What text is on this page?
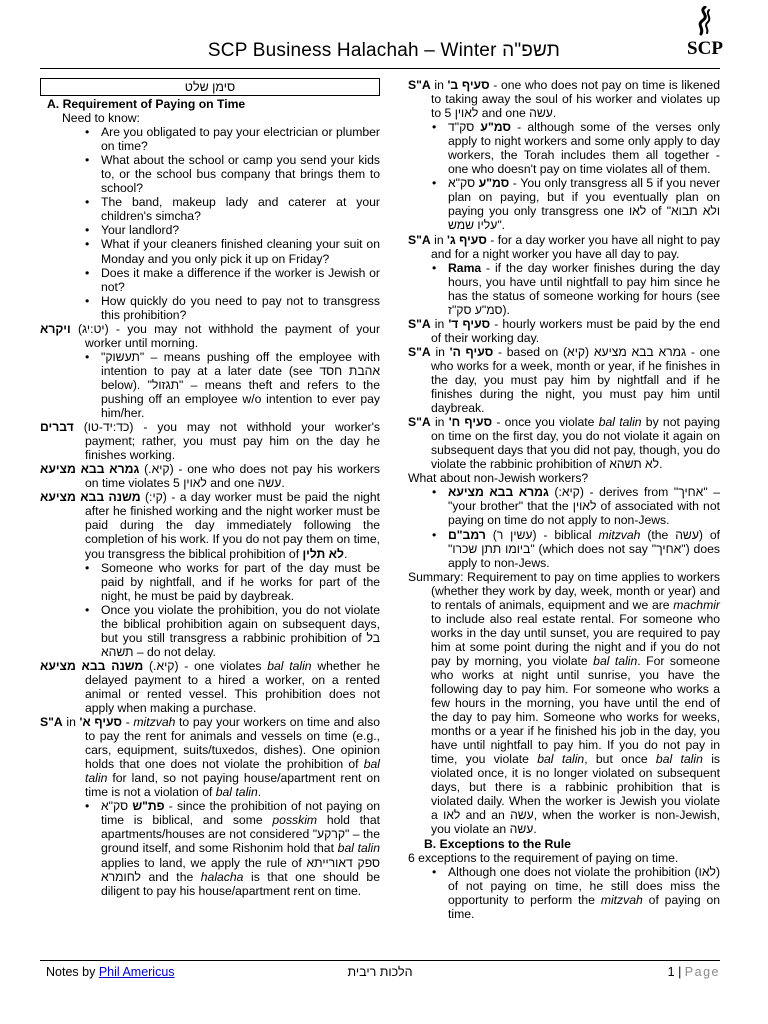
SCP Business Halachah – Winter תשפ"ה	SCP
סימן שלט
A. Requirement of Paying on Time
Need to know:
• Are you obligated to pay your electrician or plumber on time?
• What about the school or camp you send your kids to, or the school bus company that brings them to school?
• The band, makeup lady and caterer at your children's simcha?
• Your landlord?
• What if your cleaners finished cleaning your suit on Monday and you only pick it up on Friday?
• Does it make a difference if the worker is Jewish or not?
• How quickly do you need to pay not to transgress this prohibition?
(יט:יג) ויקרא	- you may not withhold the payment of your worker until morning.
• "תעשוק" – means pushing off the employee with intention to pay at a later date (see אהבת חסד below). "תגזול" – means theft and refers to the pushing off an employee w/o intention to ever pay him/her.
(כד:יד-טו) דברים	- you may not withhold your worker's payment; rather, you must pay him on the day he finishes working.
(קיא.) גמרא בבא מציעא	- one who does not pay his workers on time violates 5 לאוין and one עשה.
(קי:) משנה בבא מציעא - a day worker must be paid the night after he finished working and the night worker must be paid during the day immediately following the completion of his work. If you do not pay them on time, you transgress the biblical prohibition of לא תלין.
• Someone who works for part of the day must be paid by nightfall, and if he works for part of the night, he must be paid by daybreak.
• Once you violate the prohibition, you do not violate the biblical prohibition again on subsequent days, but you still transgress a rabbinic prohibition of בל תשהא – do not delay.
(קיא.) משנה בבא מציעא	- one violates bal talin whether he delayed payment to a hired a worker, on a rented animal or rented vessel. This prohibition does not apply when making a purchase.
S"A in סעיף א' - mitzvah to pay your workers on time and also to pay the rent for animals and vessels on time (e.g., cars, equipment, suits/tuxedos, dishes). One opinion holds that one does not violate the prohibition of bal talin for land, so not paying house/apartment rent on time is not a violation of bal talin.
• פת"ש סק"א	- since the prohibition of not paying on time is biblical, and some posskim hold that apartments/houses are not considered "קרקע" – the ground itself, and some Rishonim hold that bal talin applies to land, we apply the rule of ספק דאורייתא לחומרא and the halacha is that one should be diligent to pay his house/apartment rent on time.
S"A in סעיף ב' - one who does not pay on time is likened to taking away the soul of his worker and violates up to 5 לאוין and one עשה.
• סמ"ע סק"ד	- although some of the verses only apply to night workers and some only apply to day workers, the Torah includes them all together - one who doesn't pay on time violates all of them.
• סמ"ע סק"א	- You only transgress all 5 if you never plan on paying, but if you eventually plan on paying you only transgress one לאו of "ולא תבוא עליו שמש".
S"A in סעיף ג' - for a day worker you have all night to pay and for a night worker you have all day to pay.
• Rama - if the day worker finishes during the day hours, you have until nightfall to pay him since he has the status of someone working for hours (see סמ"ע סק"ז).
S"A in סעיף ד' - hourly workers must be paid by the end of their working day.
S"A in סעיף ה' - based on גמרא בבא מציעא (קיא) - one who works for a week, month or year, if he finishes in the day, you must pay him by nightfall and if he finishes during the night, you must pay him until daybreak.
S"A in סעיף ח' - once you violate bal talin by not paying on time on the first day, you do not violate it again on subsequent days that you did not pay, though, you do violate the rabbinic prohibition of לא תשהא.
What about non-Jewish workers?
• (קיא:) גמרא בבא מציעא	- derives from "אחיך" – "your brother" that the לאוין of associated with not paying on time do not apply to non-Jews.
• (עשין ר) רמב"ם	- biblical mitzvah (the עשה) of "ביומו תתן שכרו" (which does not say "אחיך") does apply to non-Jews.
Summary: Requirement to pay on time applies to workers (whether they work by day, week, month or year) and to rentals of animals, equipment and we are machmir to include also real estate rental. For someone who works in the day until sunset, you are required to pay him at some point during the night and if you do not pay by morning, you violate bal talin. For someone who works at night until sunrise, you have the following day to pay him. For someone who works a few hours in the morning, you have until the end of the day to pay him. Someone who works for weeks, months or a year if he finished his job in the day, you have until nightfall to pay him. If you do not pay in time, you violate bal talin, but once bal talin is violated once, it is no longer violated on subsequent days, but there is a rabbinic prohibition that is violated daily. When the worker is Jewish you violate a לאו and an עשה, when the worker is non-Jewish, you violate an עשה.
B. Exceptions to the Rule
6 exceptions to the requirement of paying on time.
• Although one does not violate the prohibition (לאו) of not paying on time, he still does miss the opportunity to perform the mitzvah of paying on time.
Notes by Phil Americus	הלכות ריבית	1 | Page
